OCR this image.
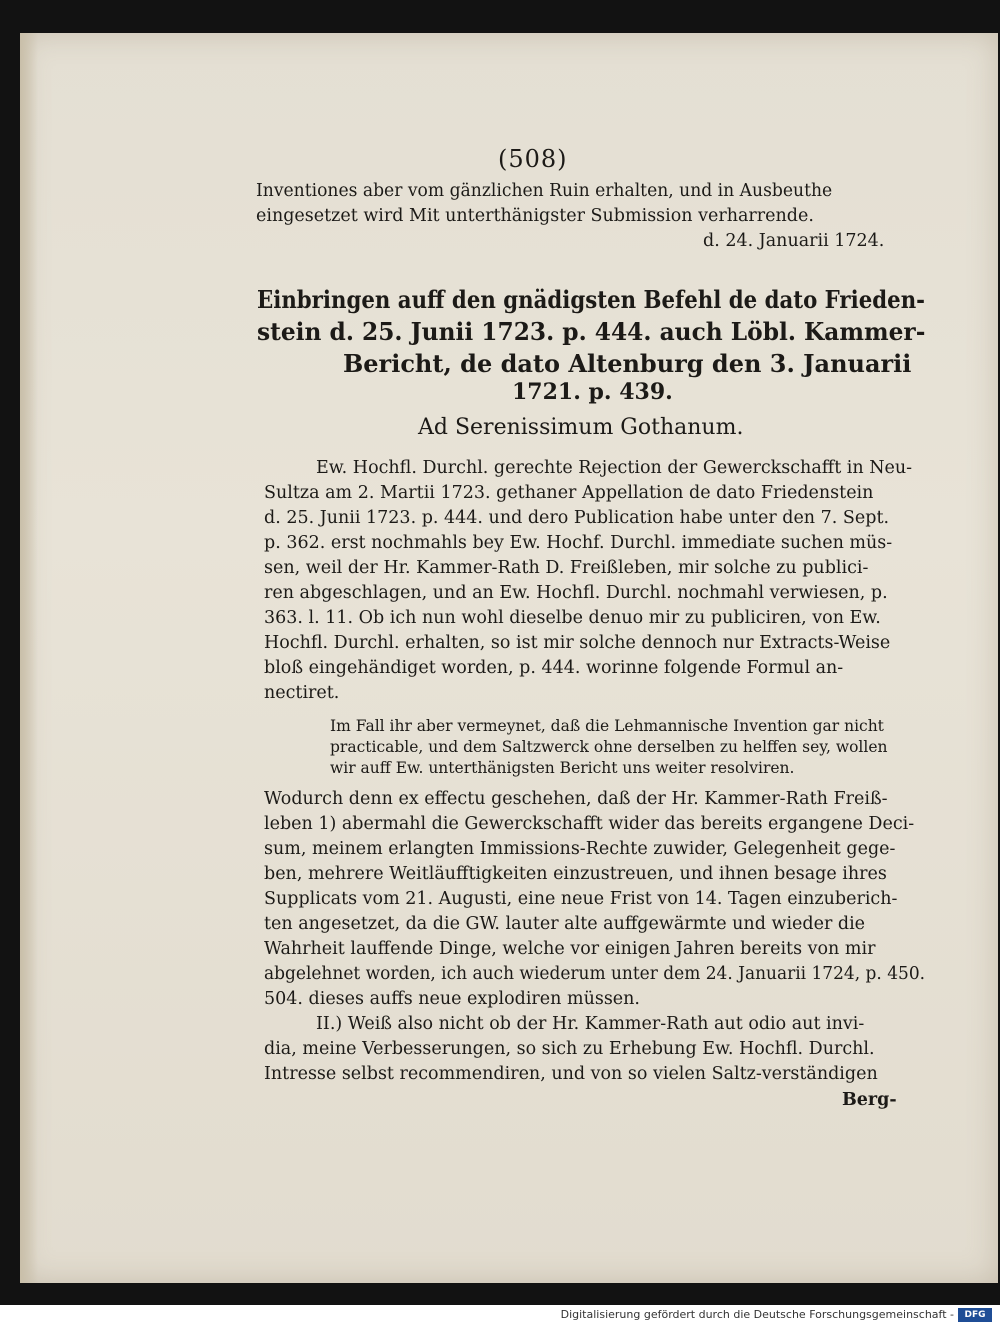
(508)

Inventiones aber vom gänzlichen Ruin erhalten, und in Ausbeuthe

eingesetzet wird Mit unterthänigster Submission verharrende.

d. 24. Januarii 1724.

Einbringen auff den gnädigsten Befehl de dato Frieden-

stein d. 25. Junii 1723. p. 444. auch Löbl. Kammer-

Bericht, de dato Altenburg den 3. Januarii

1721. p. 439.

Ad Serenissimum Gothanum.

Ew. Hochfl. Durchl. gerechte Rejection der Gewerckschafft in Neu-

Sultza am 2. Martii 1723. gethaner Appellation de dato Friedenstein

d. 25. Junii 1723. p. 444. und dero Publication habe unter den 7. Sept.

p. 362. erst nochmahls bey Ew. Hochf. Durchl. immediate suchen müs-

sen, weil der Hr. Kammer-Rath D. Freißleben, mir solche zu publici-

ren abgeschlagen, und an Ew. Hochfl. Durchl. nochmahl verwiesen, p.

363. l. 11. Ob ich nun wohl dieselbe denuo mir zu publiciren, von Ew.

Hochfl. Durchl. erhalten, so ist mir solche dennoch nur Extracts-Weise

bloß eingehändiget worden, p. 444. worinne folgende Formul an-

nectiret.

Im Fall ihr aber vermeynet, daß die Lehmannische Invention gar nicht

practicable, und dem Saltzwerck ohne derselben zu helffen sey, wollen

wir auff Ew. unterthänigsten Bericht uns weiter resolviren.

Wodurch denn ex effectu geschehen, daß der Hr. Kammer-Rath Freiß-

leben 1) abermahl die Gewerckschafft wider das bereits ergangene Deci-

sum, meinem erlangten Immissions-Rechte zuwider, Gelegenheit gege-

ben, mehrere Weitläufftigkeiten einzustreuen, und ihnen besage ihres

Supplicats vom 21. Augusti, eine neue Frist von 14. Tagen einzuberich-

ten angesetzet, da die GW. lauter alte auffgewärmte und wieder die

Wahrheit lauffende Dinge, welche vor einigen Jahren bereits von mir

abgelehnet worden, ich auch wiederum unter dem 24. Januarii 1724, p. 450.

504. dieses auffs neue explodiren müssen.

II.) Weiß also nicht ob der Hr. Kammer-Rath aut odio aut invi-

dia, meine Verbesserungen, so sich zu Erhebung Ew. Hochfl. Durchl.

Intresse selbst recommendiren, und von so vielen Saltz-verständigen

Berg-

Digitalisierung gefördert durch die Deutsche Forschungsgemeinschaft -	DFG
